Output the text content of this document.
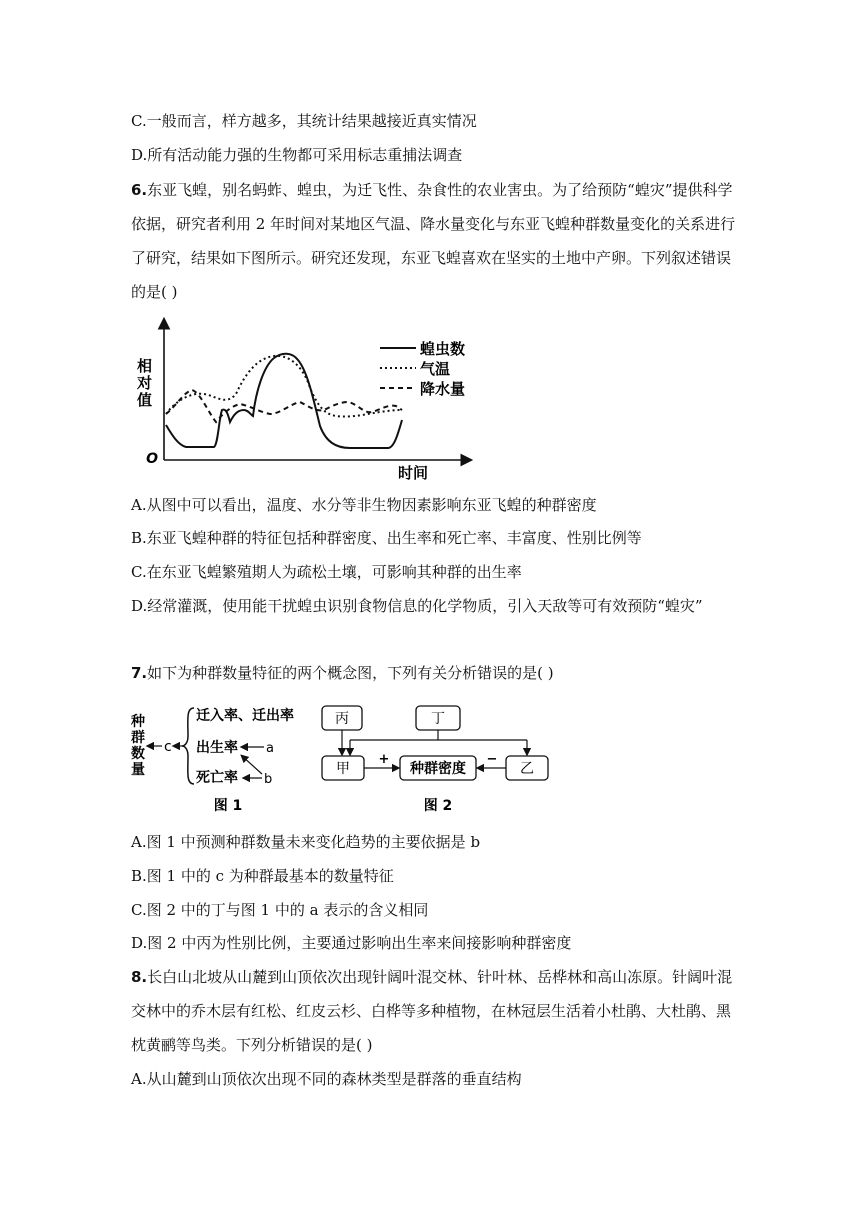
C.一般而言，样方越多，其统计结果越接近真实情况
D.所有活动能力强的生物都可采用标志重捕法调查
6.东亚飞蝗，别名蚂蚱、蝗虫，为迁飞性、杂食性的农业害虫。为了给预防“蝗灾”提供科学
依据，研究者利用 2 年时间对某地区气温、降水量变化与东亚飞蝗种群数量变化的关系进行
了研究，结果如下图所示。研究还发现，东亚飞蝗喜欢在坚实的土地中产卵。下列叙述错误
的是( )
相对值
O
时间
蝗虫数
气温
降水量
A.从图中可以看出，温度、水分等非生物因素影响东亚飞蝗的种群密度
B.东亚飞蝗种群的特征包括种群密度、出生率和死亡率、丰富度、性别比例等
C.在东亚飞蝗繁殖期人为疏松土壤，可影响其种群的出生率
D.经常灌溉，使用能干扰蝗虫识别食物信息的化学物质，引入天敌等可有效预防“蝗灾”
7.如下为种群数量特征的两个概念图，下列有关分析错误的是( )
种
群
数
量
c
迁入率、迁出率
出生率
死亡率
a
b
图 1
丙	丁
甲	种群密度	乙
+	−
图 2
A.图 1 中预测种群数量未来变化趋势的主要依据是 b
B.图 1 中的 c 为种群最基本的数量特征
C.图 2 中的丁与图 1 中的 a 表示的含义相同
D.图 2 中丙为性别比例，主要通过影响出生率来间接影响种群密度
8.长白山北坡从山麓到山顶依次出现针阔叶混交林、针叶林、岳桦林和高山冻原。针阔叶混
交林中的乔木层有红松、红皮云杉、白桦等多种植物，在林冠层生活着小杜鹃、大杜鹃、黑
枕黄鹂等鸟类。下列分析错误的是( )
A.从山麓到山顶依次出现不同的森林类型是群落的垂直结构
